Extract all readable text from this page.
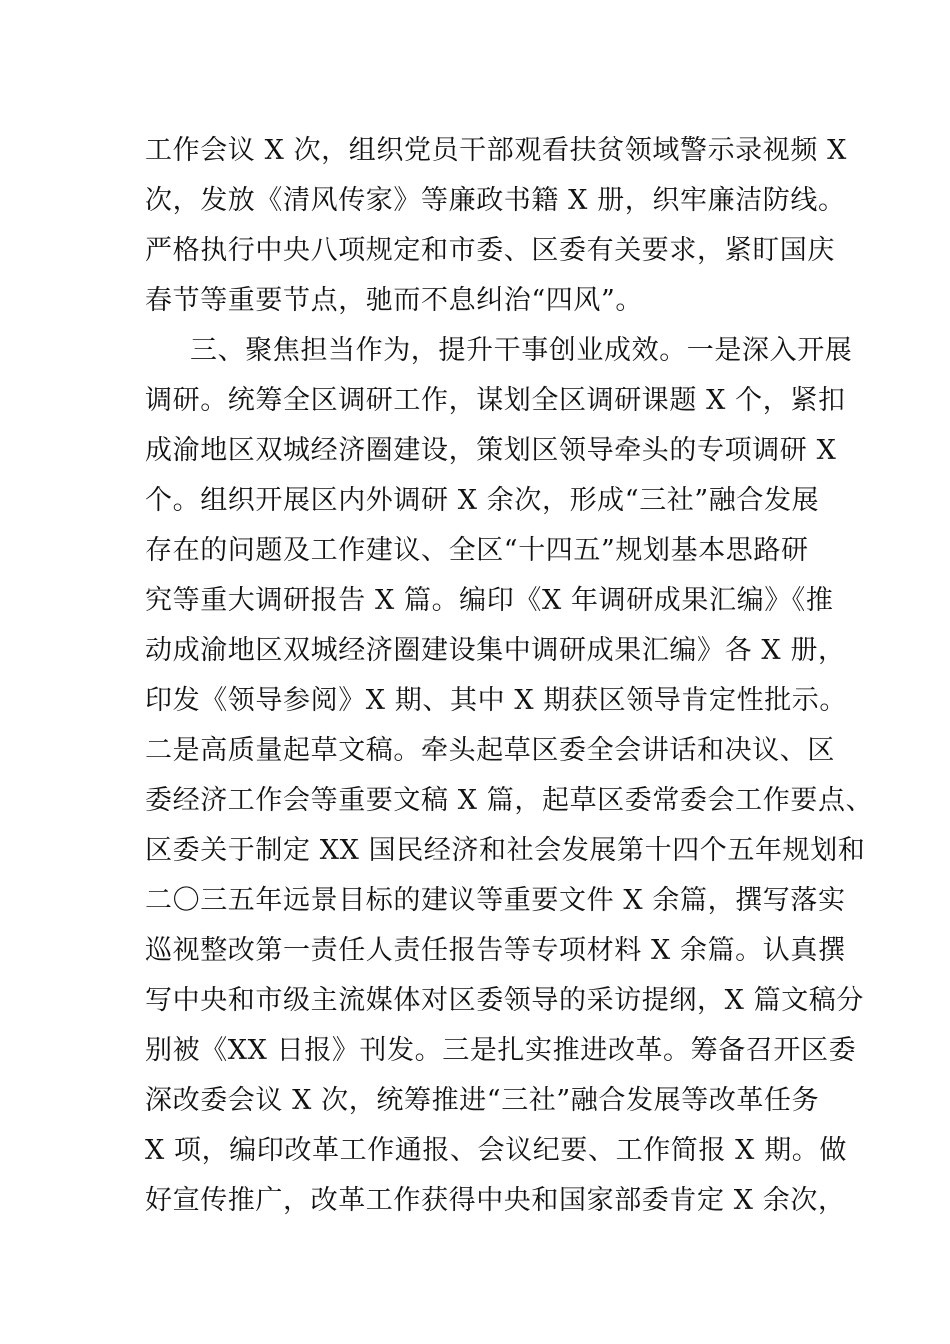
工作会议 X 次，组织党员干部观看扶贫领域警示录视频 X
次，发放《清风传家》等廉政书籍 X 册，织牢廉洁防线。
严格执行中央八项规定和市委、区委有关要求，紧盯国庆
春节等重要节点，驰而不息纠治“四风”。
三、聚焦担当作为，提升干事创业成效。一是深入开展
调研。统筹全区调研工作，谋划全区调研课题 X 个，紧扣
成渝地区双城经济圈建设，策划区领导牵头的专项调研 X
个。组织开展区内外调研 X 余次，形成“三社”融合发展
存在的问题及工作建议、全区“十四五”规划基本思路研
究等重大调研报告 X 篇。编印《X 年调研成果汇编》《推
动成渝地区双城经济圈建设集中调研成果汇编》各 X 册，
印发《领导参阅》X 期、其中 X 期获区领导肯定性批示。
二是高质量起草文稿。牵头起草区委全会讲话和决议、区
委经济工作会等重要文稿 X 篇，起草区委常委会工作要点、
区委关于制定 XX 国民经济和社会发展第十四个五年规划和
二〇三五年远景目标的建议等重要文件 X 余篇，撰写落实
巡视整改第一责任人责任报告等专项材料 X 余篇。认真撰
写中央和市级主流媒体对区委领导的采访提纲，X 篇文稿分
别被《XX 日报》刊发。三是扎实推进改革。筹备召开区委
深改委会议 X 次，统筹推进“三社”融合发展等改革任务
X 项，编印改革工作通报、会议纪要、工作简报 X 期。做
好宣传推广，改革工作获得中央和国家部委肯定 X 余次，
